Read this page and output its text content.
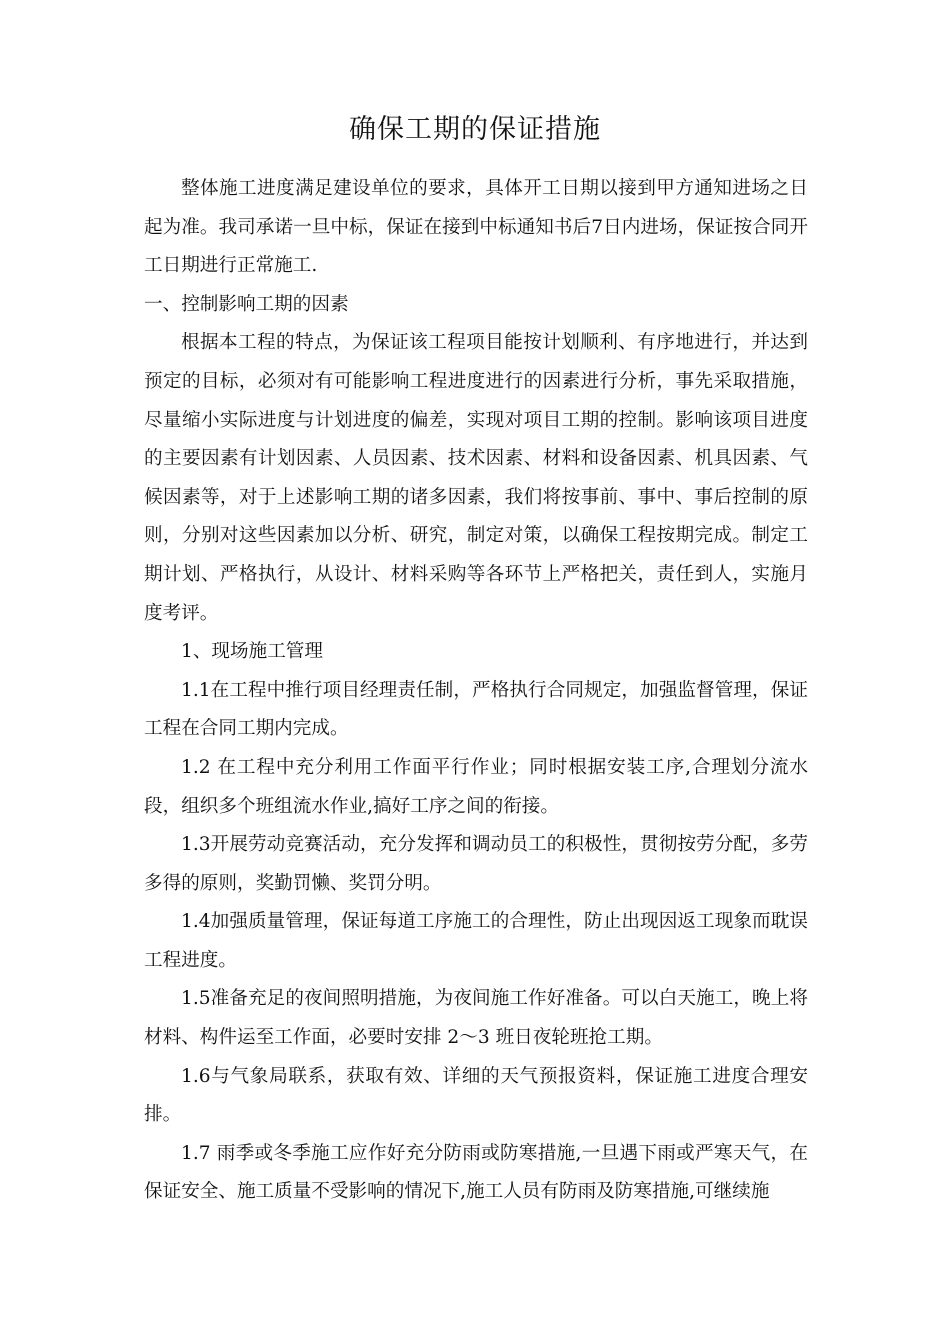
确保工期的保证措施

整体施工进度满足建设单位的要求，具体开工日期以接到甲方通知进场之日起为准。我司承诺一旦中标，保证在接到中标通知书后7日内进场，保证按合同开工日期进行正常施工.

一、控制影响工期的因素

根据本工程的特点，为保证该工程项目能按计划顺利、有序地进行，并达到预定的目标，必须对有可能影响工程进度进行的因素进行分析，事先采取措施，尽量缩小实际进度与计划进度的偏差，实现对项目工期的控制。影响该项目进度的主要因素有计划因素、人员因素、技术因素、材料和设备因素、机具因素、气候因素等，对于上述影响工期的诸多因素，我们将按事前、事中、事后控制的原则，分别对这些因素加以分析、研究，制定对策，以确保工程按期完成。制定工期计划、严格执行，从设计、材料采购等各环节上严格把关，责任到人，实施月度考评。

1、现场施工管理

1.1在工程中推行项目经理责任制，严格执行合同规定，加强监督管理，保证工程在合同工期内完成。

1.2 在工程中充分利用工作面平行作业；同时根据安装工序,合理划分流水段，组织多个班组流水作业,搞好工序之间的衔接。

1.3开展劳动竞赛活动，充分发挥和调动员工的积极性，贯彻按劳分配，多劳多得的原则，奖勤罚懒、奖罚分明。

1.4加强质量管理，保证每道工序施工的合理性，防止出现因返工现象而耽误工程进度。

1.5准备充足的夜间照明措施，为夜间施工作好准备。可以白天施工，晚上将材料、构件运至工作面，必要时安排 2～3 班日夜轮班抢工期。

1.6与气象局联系，获取有效、详细的天气预报资料，保证施工进度合理安排。

1.7 雨季或冬季施工应作好充分防雨或防寒措施,一旦遇下雨或严寒天气，在保证安全、施工质量不受影响的情况下,施工人员有防雨及防寒措施,可继续施
